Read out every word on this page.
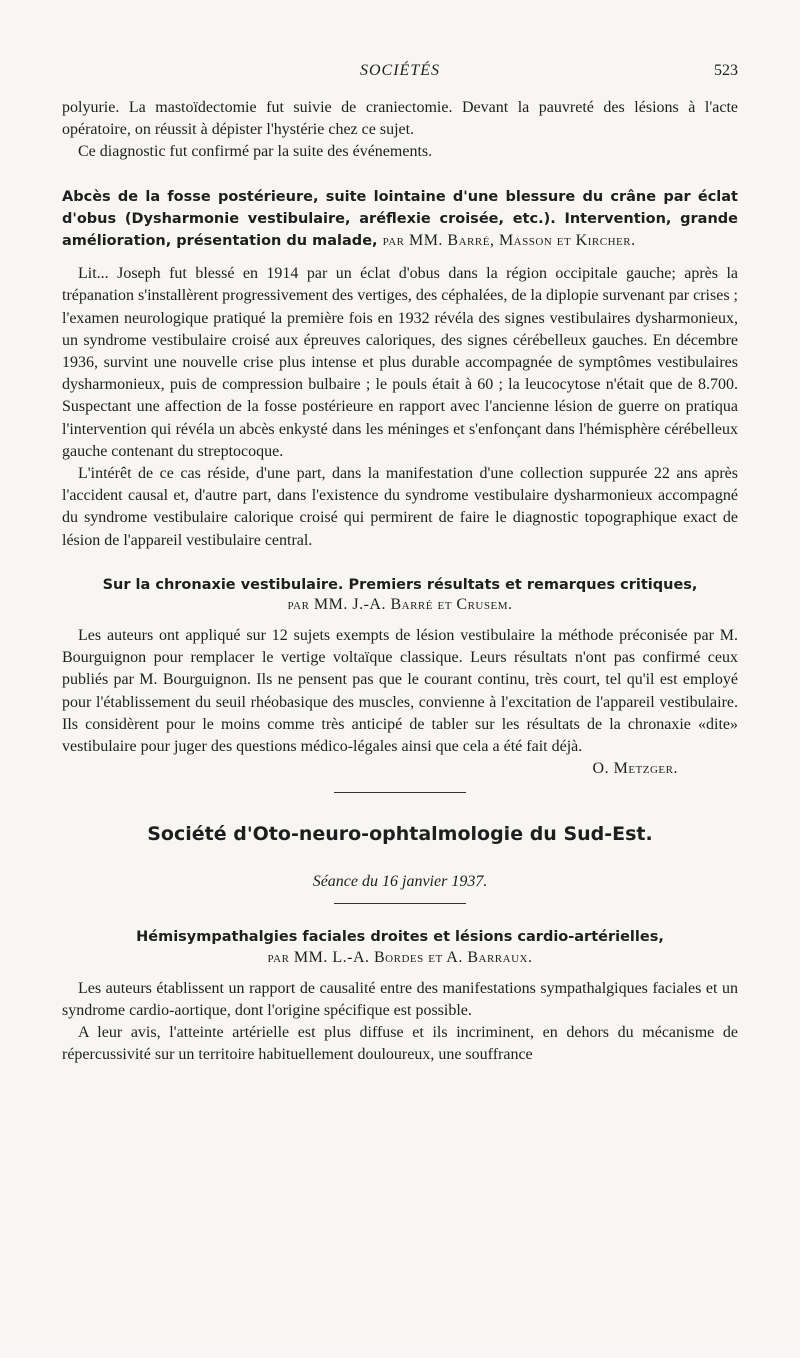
SOCIÉTÉS	523

polyurie. La mastoïdectomie fut suivie de craniectomie. Devant la pauvreté des lésions à l'acte opératoire, on réussit à dépister l'hystérie chez ce sujet.

Ce diagnostic fut confirmé par la suite des événements.

Abcès de la fosse postérieure, suite lointaine d'une blessure du crâne par éclat d'obus (Dysharmonie vestibulaire, aréflexie croisée, etc.). Intervention, grande amélioration, présentation du malade, par MM. Barré, Masson et Kircher.

Lit... Joseph fut blessé en 1914 par un éclat d'obus dans la région occipitale gauche; après la trépanation s'installèrent progressivement des vertiges, des céphalées, de la diplopie survenant par crises ; l'examen neurologique pratiqué la première fois en 1932 révéla des signes vestibulaires dysharmonieux, un syndrome vestibulaire croisé aux épreuves caloriques, des signes cérébelleux gauches. En décembre 1936, survint une nouvelle crise plus intense et plus durable accompagnée de symptômes vestibulaires dysharmonieux, puis de compression bulbaire ; le pouls était à 60 ; la leucocytose n'était que de 8.700. Suspectant une affection de la fosse postérieure en rapport avec l'ancienne lésion de guerre on pratiqua l'intervention qui révéla un abcès enkysté dans les méninges et s'enfonçant dans l'hémisphère cérébelleux gauche contenant du streptocoque.

L'intérêt de ce cas réside, d'une part, dans la manifestation d'une collection suppurée 22 ans après l'accident causal et, d'autre part, dans l'existence du syndrome vestibulaire dysharmonieux accompagné du syndrome vestibulaire calorique croisé qui permirent de faire le diagnostic topographique exact de lésion de l'appareil vestibulaire central.

Sur la chronaxie vestibulaire. Premiers résultats et remarques critiques,
par MM. J.-A. Barré et Crusem.

Les auteurs ont appliqué sur 12 sujets exempts de lésion vestibulaire la méthode préconisée par M. Bourguignon pour remplacer le vertige voltaïque classique. Leurs résultats n'ont pas confirmé ceux publiés par M. Bourguignon. Ils ne pensent pas que le courant continu, très court, tel qu'il est employé pour l'établissement du seuil rhéobasique des muscles, convienne à l'excitation de l'appareil vestibulaire. Ils considèrent pour le moins comme très anticipé de tabler sur les résultats de la chronaxie «dite» vestibulaire pour juger des questions médico-légales ainsi que cela a été fait déjà.

O. Metzger.

Société d'Oto-neuro-ophtalmologie du Sud-Est.
Séance du 16 janvier 1937.
Hémisympathalgies faciales droites et lésions cardio-artérielles,
par MM. L.-A. Bordes et A. Barraux.

Les auteurs établissent un rapport de causalité entre des manifestations sympathalgiques faciales et un syndrome cardio-aortique, dont l'origine spécifique est possible.

A leur avis, l'atteinte artérielle est plus diffuse et ils incriminent, en dehors du mécanisme de répercussivité sur un territoire habituellement douloureux, une souffrance
